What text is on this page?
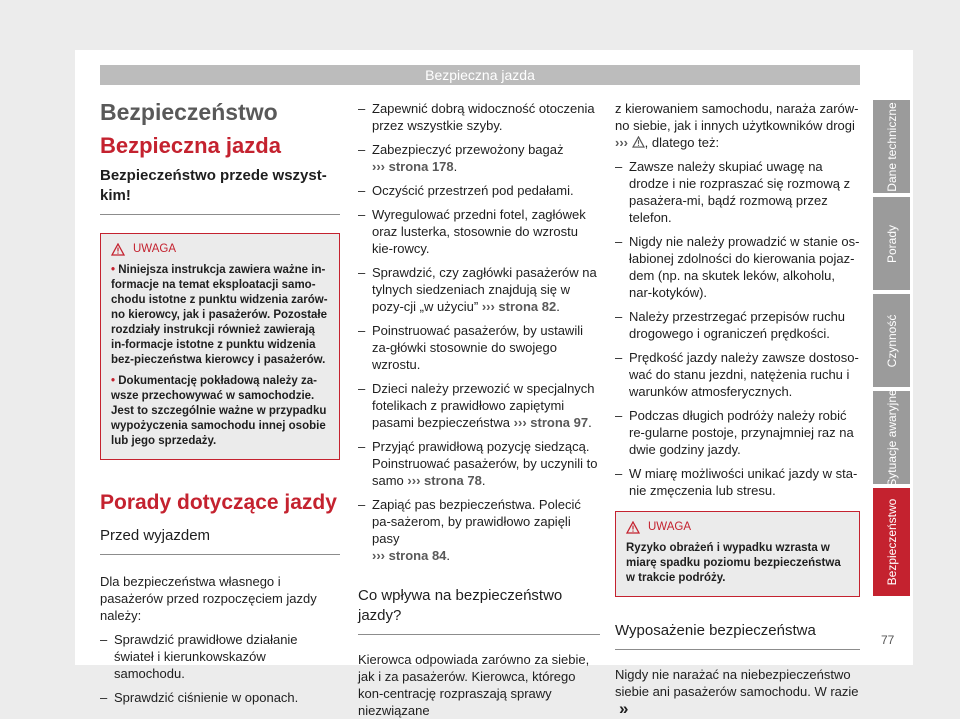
Bezpieczna jazda
Bezpieczeństwo
Bezpieczna jazda
Bezpieczeństwo przede wszyst-
kim!
UWAGA

• Niniejsza instrukcja zawiera ważne in-formacje na temat eksploatacji samo-chodu istotne z punktu widzenia zarów-no kierowcy, jak i pasażerów. Pozostałe rozdziały instrukcji również zawierają in-formacje istotne z punktu widzenia bez-pieczeństwa kierowcy i pasażerów.

• Dokumentację pokładową należy za-wsze przechowywać w samochodzie. Jest to szczególnie ważne w przypadku wypożyczenia samochodu innej osobie lub jego sprzedaży.

Porady dotyczące jazdy
Przed wyjazdem

Dla bezpieczeństwa własnego i pasażerów przed rozpoczęciem jazdy należy:

– Sprawdzić prawidłowe działanie świateł i kierunkowskazów samochodu.
– Sprawdzić ciśnienie w oponach.
– Zapewnić dobrą widoczność otoczenia przez wszystkie szyby.
– Zabezpieczyć przewożony bagaż
››› strona 178.
– Oczyścić przestrzeń pod pedałami.
– Wyregulować przedni fotel, zagłówek oraz lusterka, stosownie do wzrostu kie-rowcy.
– Sprawdzić, czy zagłówki pasażerów na tylnych siedzeniach znajdują się w pozy-cji „w użyciu” ››› strona 82.
– Poinstruować pasażerów, by ustawili za-główki stosownie do swojego wzrostu.
– Dzieci należy przewozić w specjalnych fotelikach z prawidłowo zapiętymi pasami bezpieczeństwa ››› strona 97.
– Przyjąć prawidłową pozycję siedzącą. Poinstruować pasażerów, by uczynili to samo ››› strona 78.
– Zapiąć pas bezpieczeństwa. Polecić pa-sażerom, by prawidłowo zapięli pasy
››› strona 84.
Co wpływa na bezpieczeństwo jazdy?

Kierowca odpowiada zarówno za siebie, jak i za pasażerów. Kierowca, którego kon-centrację rozpraszają sprawy niezwiązane

z kierowaniem samochodu, naraża zarów-no siebie, jak i innych użytkowników drogi
››› , dlatego też:

– Zawsze należy skupiać uwagę na drodze i nie rozpraszać się rozmową z pasażera-mi, bądź rozmową przez telefon.
– Nigdy nie należy prowadzić w stanie os-łabionej zdolności do kierowania pojaz-dem (np. na skutek leków, alkoholu, nar-kotyków).
– Należy przestrzegać przepisów ruchu drogowego i ograniczeń prędkości.
– Prędkość jazdy należy zawsze dostoso-wać do stanu jezdni, natężenia ruchu i warunków atmosferycznych.
– Podczas długich podróży należy robić re-gularne postoje, przynajmniej raz na dwie godziny jazdy.
– W miarę możliwości unikać jazdy w sta-nie zmęczenia lub stresu.
UWAGA

Ryzyko obrażeń i wypadku wzrasta w miarę spadku poziomu bezpieczeństwa w trakcie podróży.

Wyposażenie bezpieczeństwa

Nigdy nie narażać na niebezpieczeństwo siebie ani pasażerów samochodu. W razie »

Dane techniczne
Porady
Czynność
Sytuacje awaryjne
Bezpieczeństwo
77
